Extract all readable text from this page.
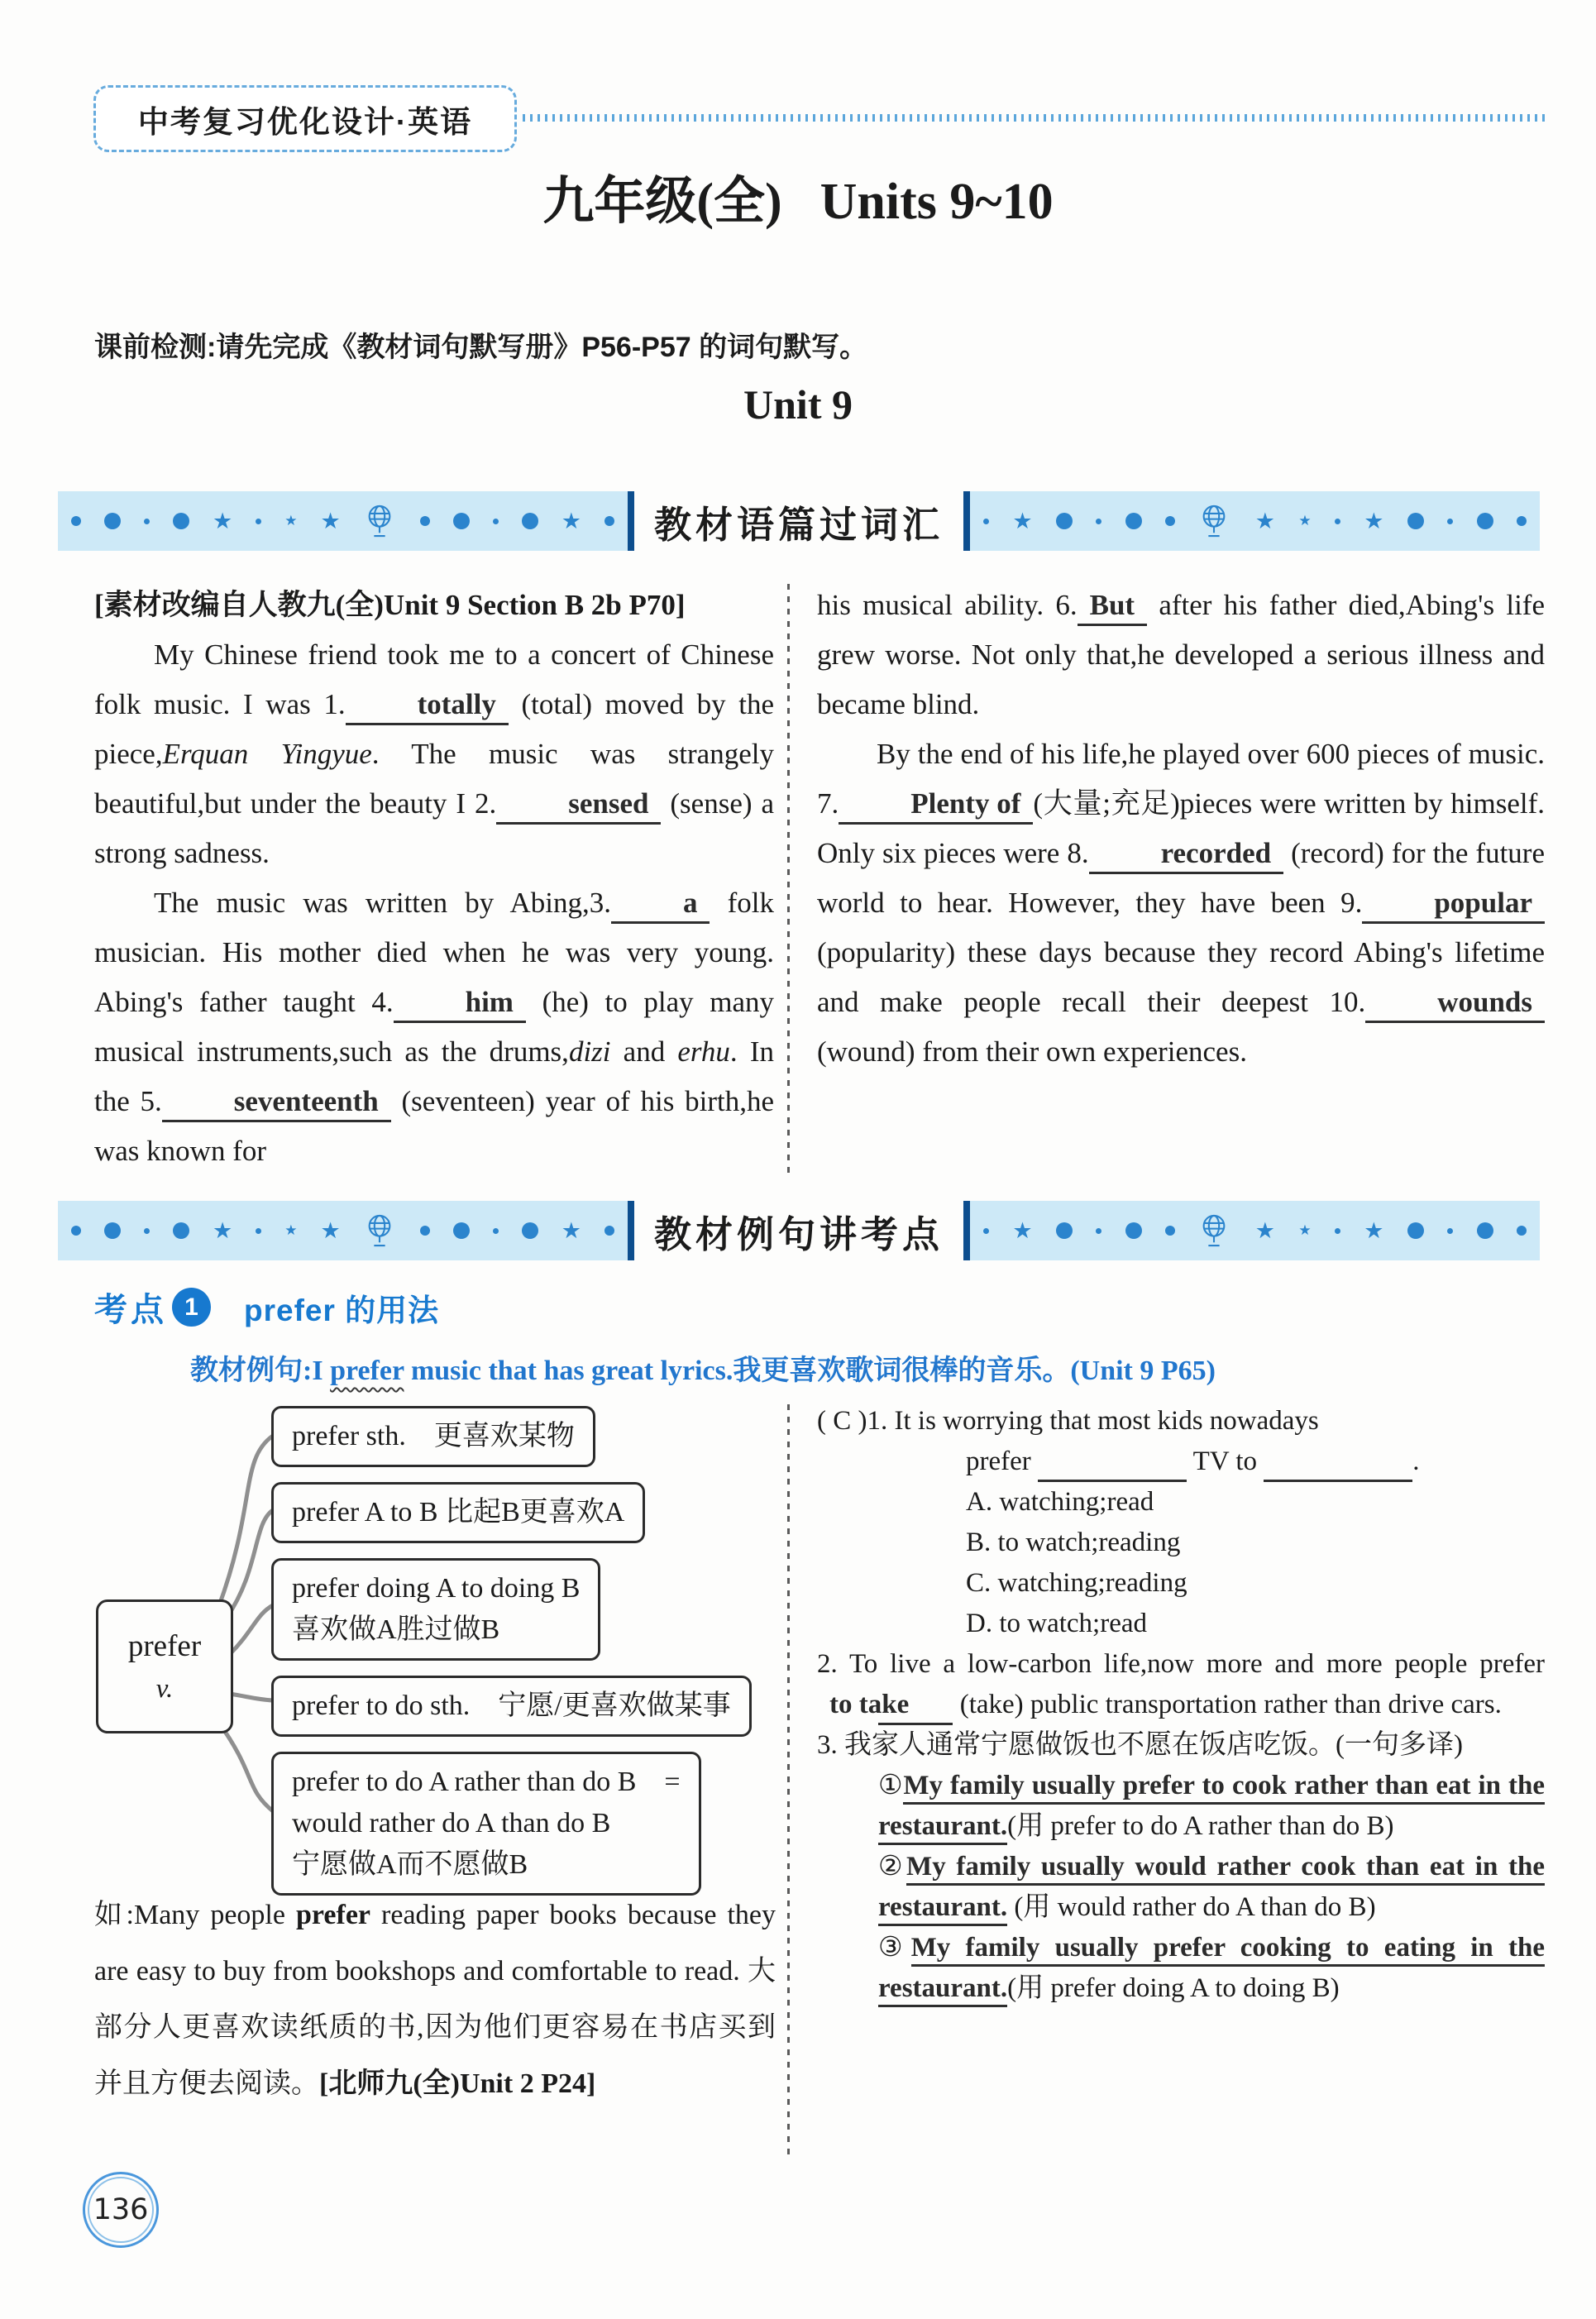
中考复习优化设计·英语
九年级(全) Units 9~10
课前检测:请先完成《教材词句默写册》P56-P57 的词句默写。
Unit 9
★	★ ★	★	教材语篇过词汇	★	★ ★ ★

[素材改编自人教九(全)Unit 9 Section B 2b P70]

My Chinese friend took me to a concert of Chinese folk music. I was 1. totally (total) moved by the piece,Erquan Yingyue. The music was strangely beautiful,but under the beauty I 2. sensed (sense) a strong sadness.

The music was written by Abing,3. a folk musician. His mother died when he was very young. Abing's father taught 4. him (he) to play many musical instruments,such as the drums,dizi and erhu. In the 5. seventeenth (seventeen) year of his birth,he was known for

his musical ability. 6. But after his father died,Abing's life grew worse. Not only that,he developed a serious illness and became blind.

By the end of his life,he played over 600 pieces of music. 7. Plenty of (大量;充足)pieces were written by himself. Only six pieces were 8. recorded (record) for the future world to hear. However, they have been 9. popular (popularity) these days because they record Abing's lifetime and make people recall their deepest 10. wounds (wound) from their own experiences.

★	★ ★	★	教材例句讲考点	★	★ ★ ★
考点 1	prefer 的用法
教材例句:I prefer music that has great lyrics.我更喜欢歌词很棒的音乐。(Unit 9 P65)
prefer
v.
prefer sth.　更喜欢某物
prefer A to B 比起B更喜欢A
prefer doing A to doing B
喜欢做A胜过做B
prefer to do sth.　宁愿/更喜欢做某事
prefer to do A rather than do B　=
would rather do A than do B
宁愿做A而不愿做B
如:Many people prefer reading paper books because they are easy to buy from bookshops and comfortable to read. 大部分人更喜欢读纸质的书,因为他们更容易在书店买到并且方便去阅读。[北师九(全)Unit 2 P24]
( C )1. It is worrying that most kids nowadays
prefer	TV to	.
A. watching;read
B. to watch;reading
C. watching;reading
D. to watch;read
2. To live a low-carbon life,now more and more people prefer to take (take) public transportation rather than drive cars.
3. 我家人通常宁愿做饭也不愿在饭店吃饭。(一句多译)
①My family usually prefer to cook rather than eat in the restaurant.(用 prefer to do A rather than do B)
②My family usually would rather cook than eat in the restaurant. (用 would rather do A than do B)
③My family usually prefer cooking to eating in the restaurant.(用 prefer doing A to doing B)
136
